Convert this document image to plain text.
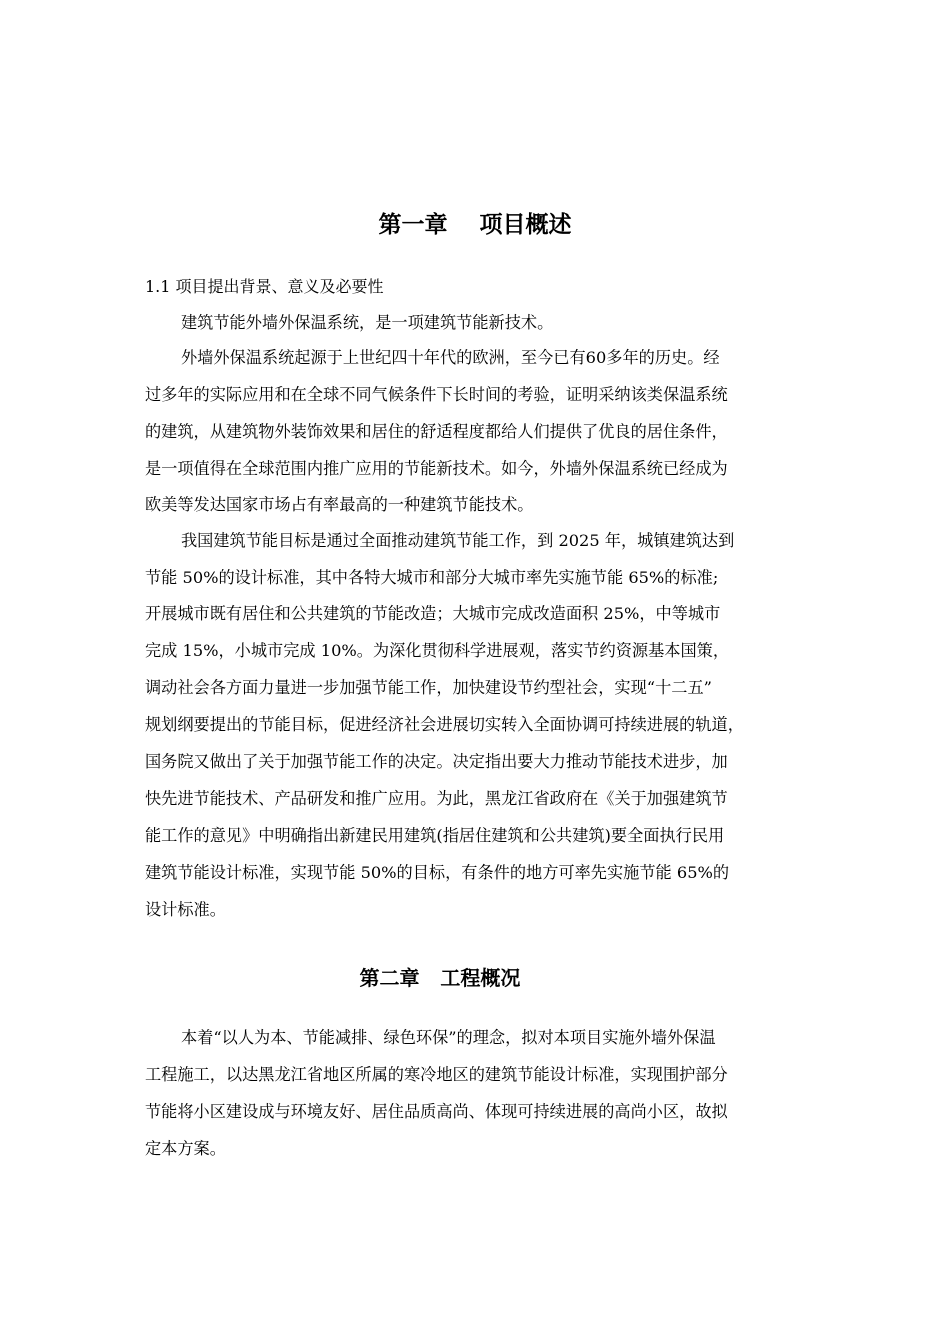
第一章    项目概述
1.1 项目提出背景、意义及必要性
建筑节能外墙外保温系统，是一项建筑节能新技术。
外墙外保温系统起源于上世纪四十年代的欧洲，至今已有60多年的历史。经
过多年的实际应用和在全球不同气候条件下长时间的考验，证明采纳该类保温系统
的建筑，从建筑物外装饰效果和居住的舒适程度都给人们提供了优良的居住条件，
是一项值得在全球范围内推广应用的节能新技术。如今，外墙外保温系统已经成为
欧美等发达国家市场占有率最高的一种建筑节能技术。
我国建筑节能目标是通过全面推动建筑节能工作，到 2025 年，城镇建筑达到
节能 50%的设计标准，其中各特大城市和部分大城市率先实施节能 65%的标准;
开展城市既有居住和公共建筑的节能改造；大城市完成改造面积 25%，中等城市
完成 15%，小城市完成 10%。为深化贯彻科学进展观，落实节约资源基本国策，
调动社会各方面力量进一步加强节能工作，加快建设节约型社会，实现“十二五”
规划纲要提出的节能目标，促进经济社会进展切实转入全面协调可持续进展的轨道，
国务院又做出了关于加强节能工作的决定。决定指出要大力推动节能技术进步，加
快先进节能技术、产品研发和推广应用。为此，黑龙江省政府在《关于加强建筑节
能工作的意见》中明确指出新建民用建筑(指居住建筑和公共建筑)要全面执行民用
建筑节能设计标准，实现节能 50%的目标，有条件的地方可率先实施节能 65%的
设计标准。
第二章   工程概况
本着“以人为本、节能减排、绿色环保”的理念，拟对本项目实施外墙外保温
工程施工，以达黑龙江省地区所属的寒冷地区的建筑节能设计标准，实现围护部分
节能将小区建设成与环境友好、居住品质高尚、体现可持续进展的高尚小区，故拟
定本方案。
